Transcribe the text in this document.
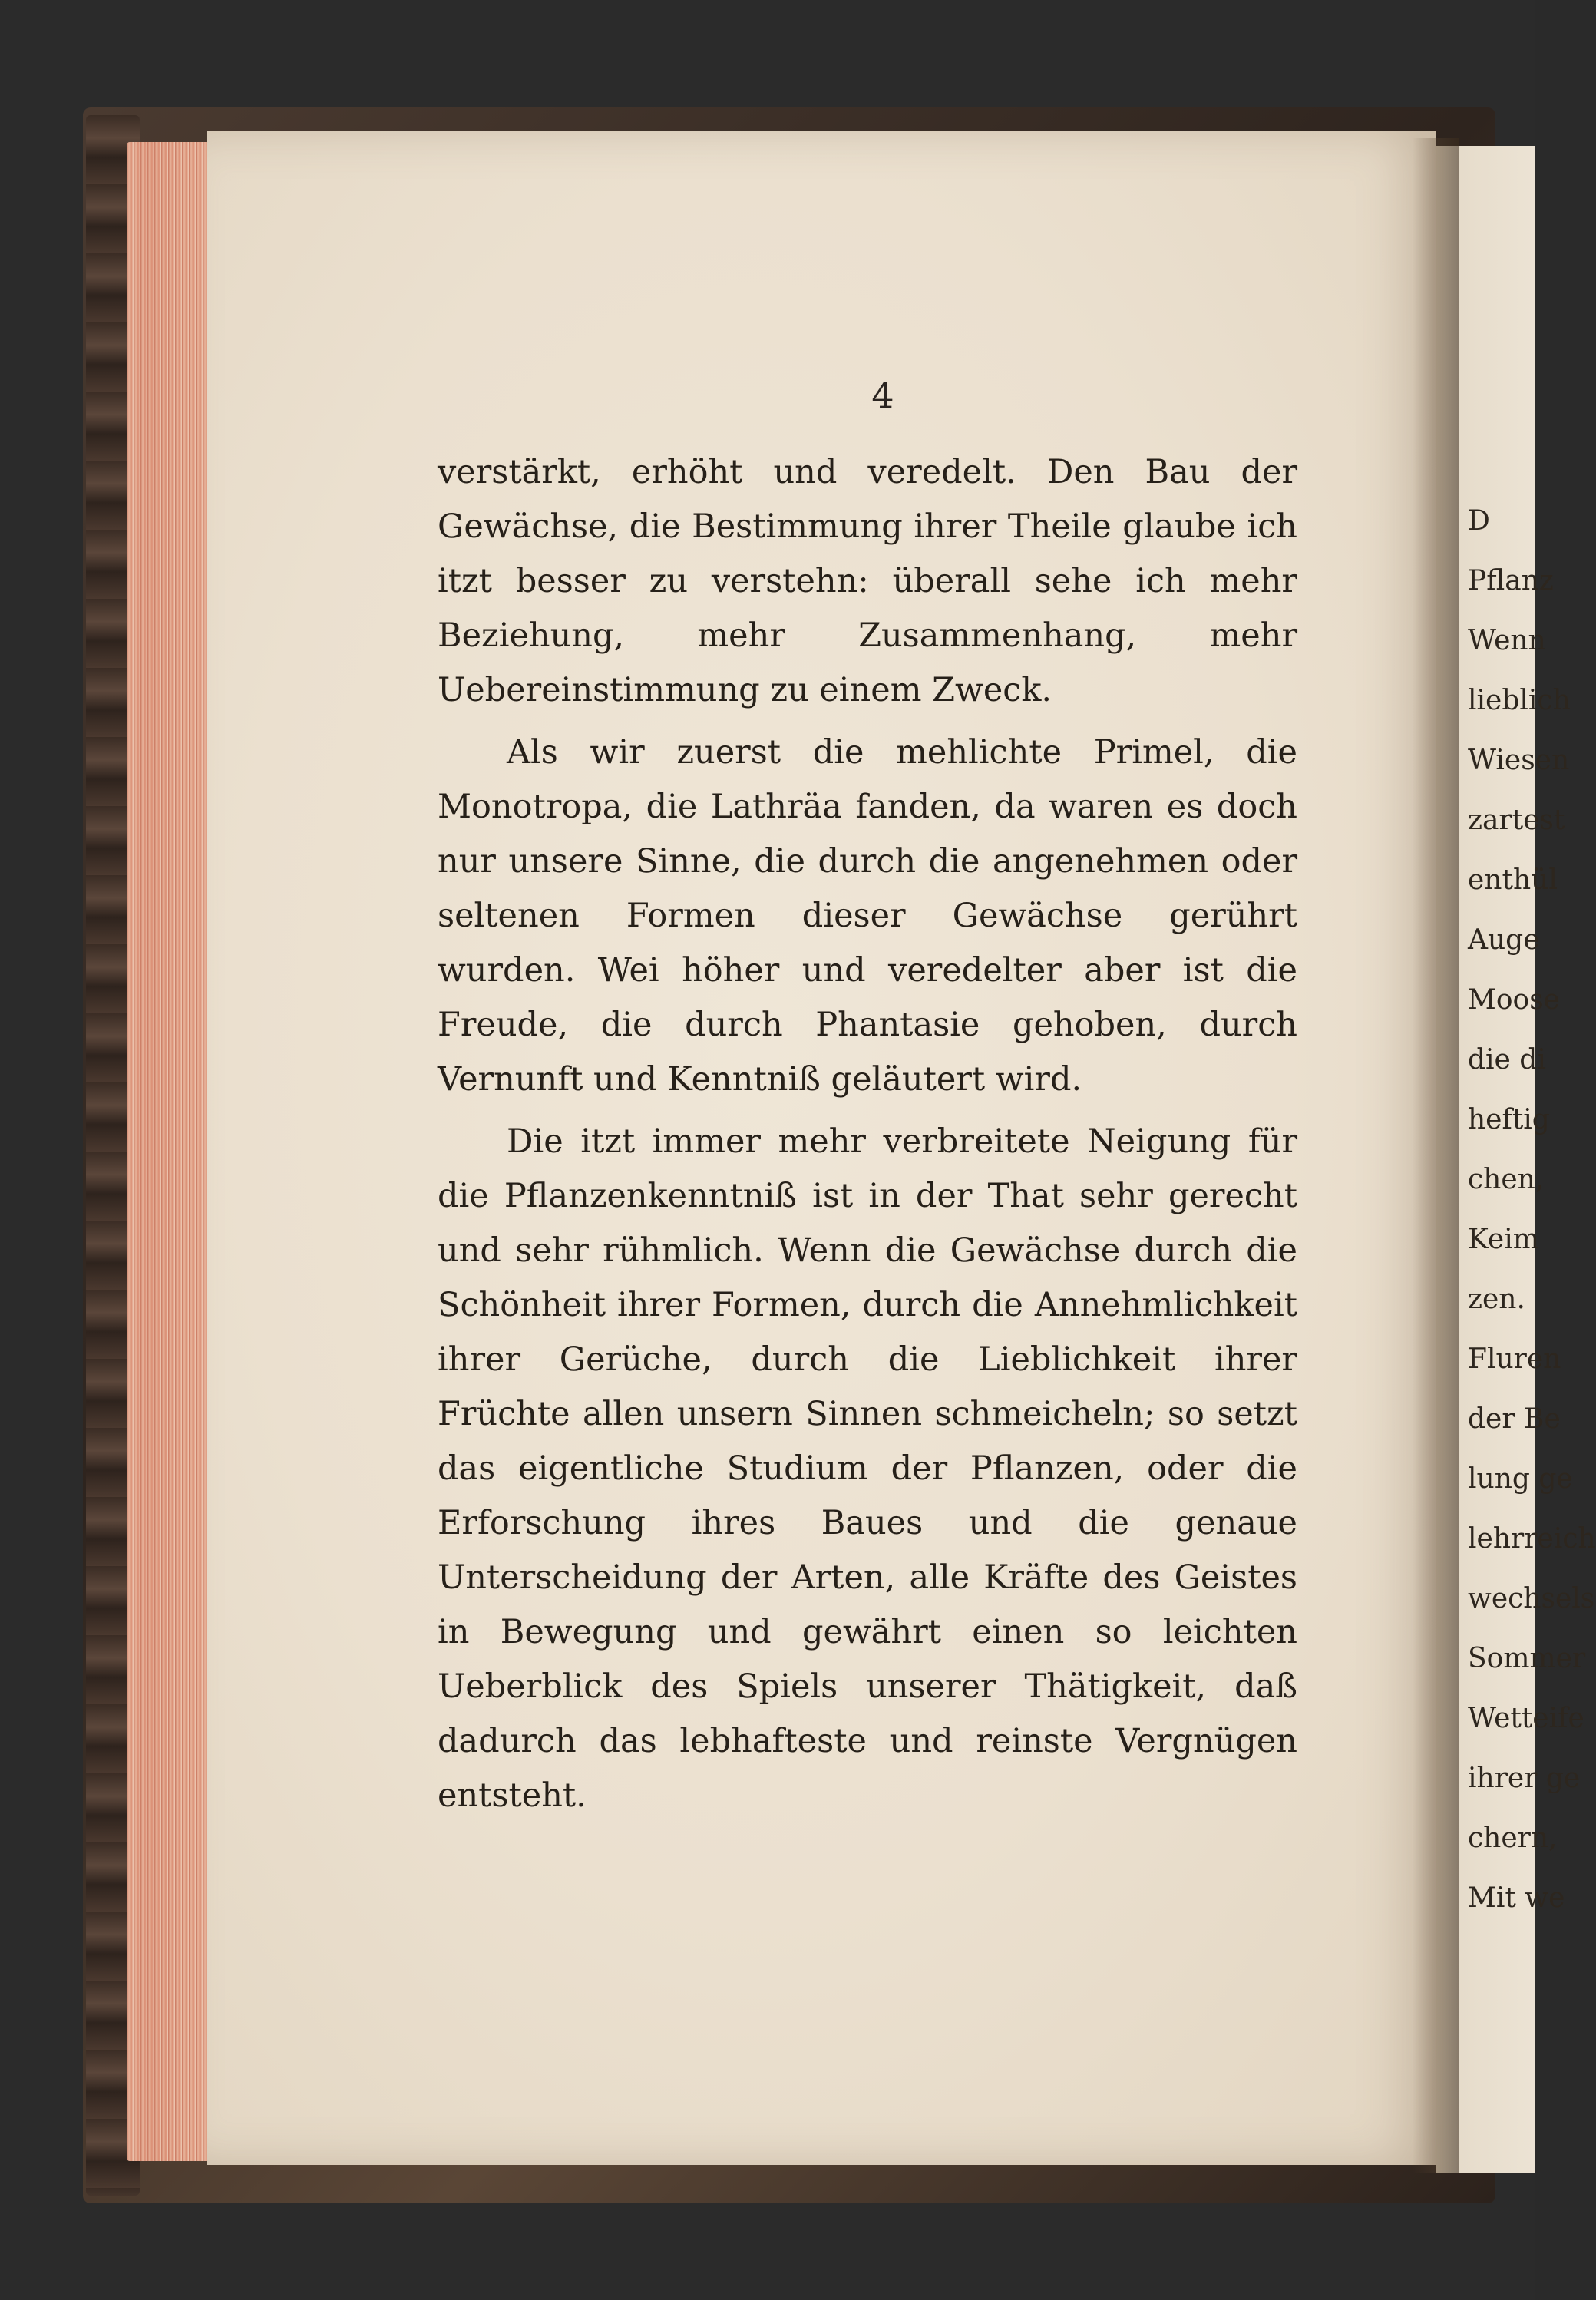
4

verstärkt, erhöht und veredelt. Den Bau der Gewächse, die Bestimmung ihrer Theile glaube ich itzt besser zu verstehn: überall sehe ich mehr Beziehung, mehr Zusammenhang, mehr Uebereinstimmung zu einem Zweck.

Als wir zuerst die mehlichte Primel, die Monotropa, die Lathräa fanden, da waren es doch nur unsere Sinne, die durch die angenehmen oder seltenen Formen dieser Gewächse gerührt wurden. Wei höher und veredelter aber ist die Freude, die durch Phantasie gehoben, durch Vernunft und Kenntniß geläutert wird.

Die itzt immer mehr verbreitete Neigung für die Pflanzenkenntniß ist in der That sehr gerecht und sehr rühmlich. Wenn die Gewächse durch die Schönheit ihrer Formen, durch die Annehmlichkeit ihrer Gerüche, durch die Lieblichkeit ihrer Früchte allen unsern Sinnen schmeicheln; so setzt das eigentliche Studium der Pflanzen, oder die Erforschung ihres Baues und die genaue Unterscheidung der Arten, alle Kräfte des Geistes in Bewegung und gewährt einen so leichten Ueberblick des Spiels unserer Thätigkeit, daß dadurch das lebhafteste und reinste Vergnügen entsteht.

D
Pflanz
Wenn
lieblich
Wiesen
zartest
enthül
Auge
Moose
die di
heftig
chen,
Keim
zen.
Fluren
der Be
lung ge
lehrreich
wechsels
Sommer
Wetteife
ihrer ge
chern,
Mit we
